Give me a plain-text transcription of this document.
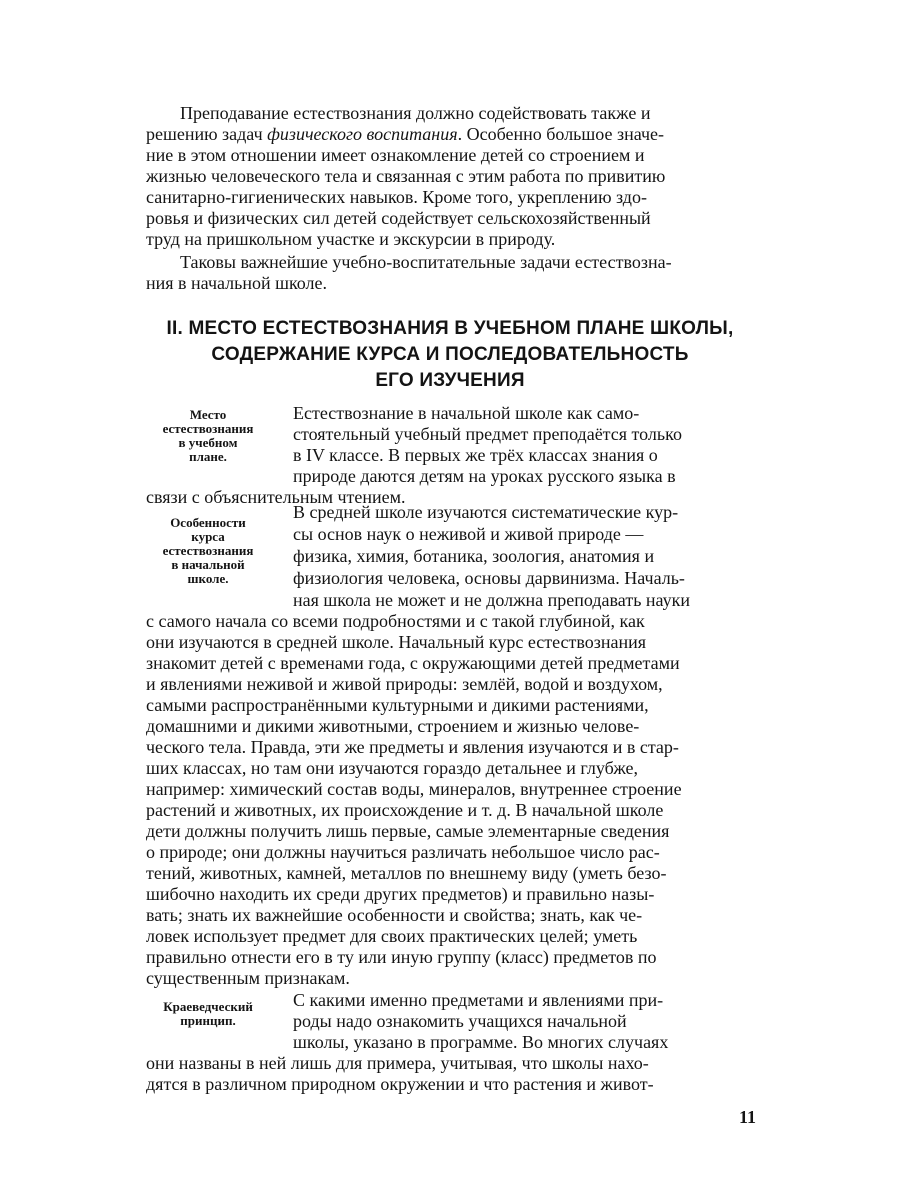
Преподавание естествознания должно содействовать также и
решению задач физического воспитания. Особенно большое значе-
ние в этом отношении имеет ознакомление детей со строением и
жизнью человеческого тела и связанная с этим работа по привитию
санитарно-гигиенических навыков. Кроме того, укреплению здо-
ровья и физических сил детей содействует сельскохозяйственный
труд на пришкольном участке и экскурсии в природу.
Таковы важнейшие учебно-воспитательные задачи естествозна-
ния в начальной школе.
II. МЕСТО ЕСТЕСТВОЗНАНИЯ В УЧЕБНОМ ПЛАНЕ ШКОЛЫ,
СОДЕРЖАНИЕ КУРСА И ПОСЛЕДОВАТЕЛЬНОСТЬ
ЕГО ИЗУЧЕНИЯ
Место
естествознания
в учебном
плане.
Естествознание в начальной школе как само-
стоятельный учебный предмет преподаётся только
в IV классе. В первых же трёх классах знания о
природе даются детям на уроках русского языка в
связи с объяснительным чтением.
Особенности
курса
естествознания
в начальной
школе.
В средней школе изучаются систематические кур-
сы основ наук о неживой и живой природе —
физика, химия, ботаника, зоология, анатомия и
физиология человека, основы дарвинизма. Началь-
ная школа не может и не должна преподавать науки
с самого начала со всеми подробностями и с такой глубиной, как
они изучаются в средней школе. Начальный курс естествознания
знакомит детей с временами года, с окружающими детей предметами
и явлениями неживой и живой природы: землёй, водой и воздухом,
самыми распространёнными культурными и дикими растениями,
домашними и дикими животными, строением и жизнью челове-
ческого тела. Правда, эти же предметы и явления изучаются и в стар-
ших классах, но там они изучаются гораздо детальнее и глубже,
например: химический состав воды, минералов, внутреннее строение
растений и животных, их происхождение и т. д. В начальной школе
дети должны получить лишь первые, самые элементарные сведения
о природе; они должны научиться различать небольшое число рас-
тений, животных, камней, металлов по внешнему виду (уметь безо-
шибочно находить их среди других предметов) и правильно назы-
вать; знать их важнейшие особенности и свойства; знать, как че-
ловек использует предмет для своих практических целей; уметь
правильно отнести его в ту или иную группу (класс) предметов по
существенным признакам.
Краеведческий
принцип.
С какими именно предметами и явлениями при-
роды надо ознакомить учащихся начальной
школы, указано в программе. Во многих случаях
они названы в ней лишь для примера, учитывая, что школы нахо-
дятся в различном природном окружении и что растения и живот-
11
